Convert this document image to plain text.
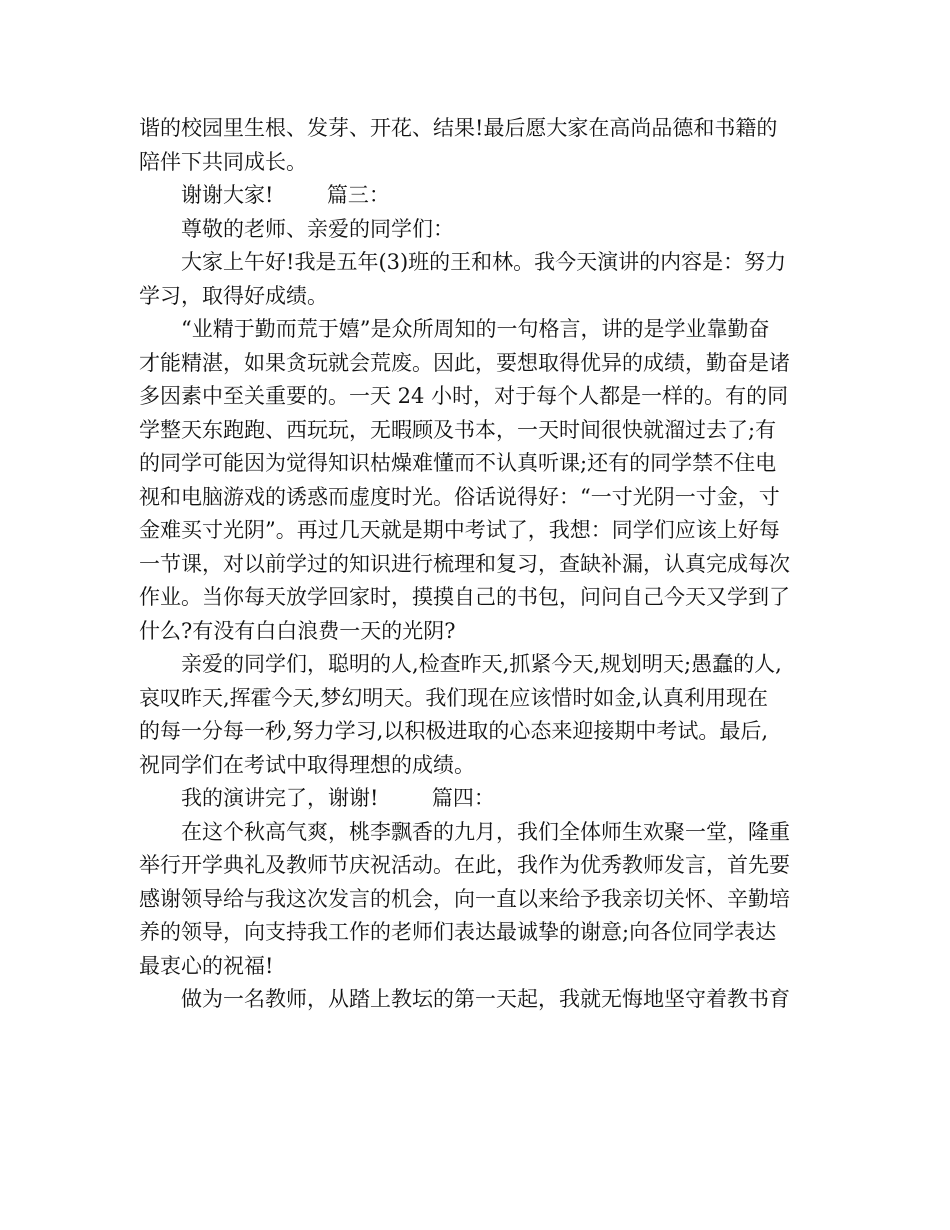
谐的校园里生根、发芽、开花、结果!最后愿大家在高尚品德和书籍的
陪伴下共同成长。
谢谢大家!        篇三：
尊敬的老师、亲爱的同学们：
大家上午好!我是五年(3)班的王和林。我今天演讲的内容是：努力
学习，取得好成绩。
“业精于勤而荒于嬉”是众所周知的一句格言，讲的是学业靠勤奋
才能精湛，如果贪玩就会荒废。因此，要想取得优异的成绩，勤奋是诸
多因素中至关重要的。一天 24 小时，对于每个人都是一样的。有的同
学整天东跑跑、西玩玩，无暇顾及书本，一天时间很快就溜过去了;有
的同学可能因为觉得知识枯燥难懂而不认真听课;还有的同学禁不住电
视和电脑游戏的诱惑而虚度时光。俗话说得好：“一寸光阴一寸金，寸
金难买寸光阴”。再过几天就是期中考试了，我想：同学们应该上好每
一节课，对以前学过的知识进行梳理和复习，查缺补漏，认真完成每次
作业。当你每天放学回家时，摸摸自己的书包，问问自己今天又学到了
什么?有没有白白浪费一天的光阴?
亲爱的同学们，聪明的人,检查昨天,抓紧今天,规划明天;愚蠢的人,
哀叹昨天,挥霍今天,梦幻明天。我们现在应该惜时如金,认真利用现在
的每一分每一秒,努力学习,以积极进取的心态来迎接期中考试。最后,
祝同学们在考试中取得理想的成绩。
我的演讲完了，谢谢!        篇四：
在这个秋高气爽，桃李飘香的九月，我们全体师生欢聚一堂，隆重
举行开学典礼及教师节庆祝活动。在此，我作为优秀教师发言，首先要
感谢领导给与我这次发言的机会，向一直以来给予我亲切关怀、辛勤培
养的领导，向支持我工作的老师们表达最诚挚的谢意;向各位同学表达
最衷心的祝福!
做为一名教师，从踏上教坛的第一天起，我就无悔地坚守着教书育
